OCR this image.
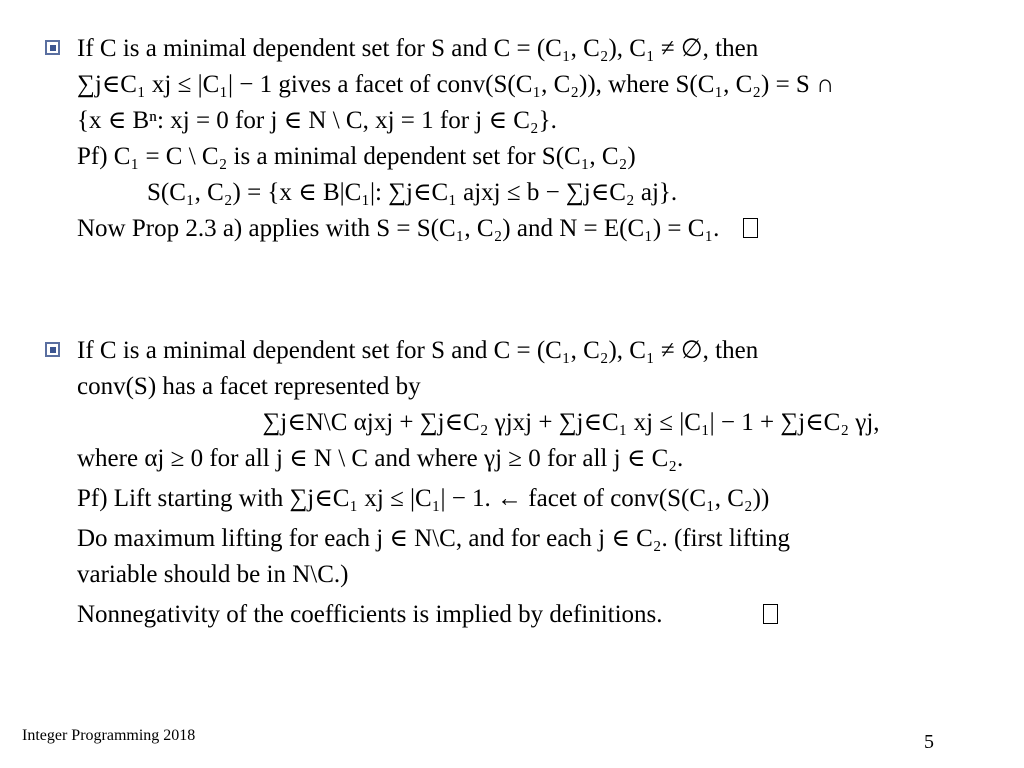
If C is a minimal dependent set for S and C = (C₁, C₂), C₁ ≠ ∅, then
∑j∈C₁ xj ≤ |C₁| − 1 gives a facet of conv(S(C₁, C₂)), where S(C₁, C₂) = S ∩
{x ∈ Bⁿ: xj = 0 for j ∈ N \ C, xj = 1 for j ∈ C₂}.
Pf) C₁ = C \ C₂ is a minimal dependent set for S(C₁, C₂)
S(C₁, C₂) = {x ∈ B|C₁|: ∑j∈C₁ ajxj ≤ b − ∑j∈C₂ aj}.
Now Prop 2.3 a) applies with S = S(C₁, C₂) and N = E(C₁) = C₁.
If C is a minimal dependent set for S and C = (C₁, C₂), C₁ ≠ ∅, then
conv(S) has a facet represented by
∑j∈N\C αjxj + ∑j∈C₂ γjxj + ∑j∈C₁ xj ≤ |C₁| − 1 + ∑j∈C₂ γj,
where αj ≥ 0 for all j ∈ N \ C and where γj ≥ 0 for all j ∈ C₂.
Pf) Lift starting with ∑j∈C₁ xj ≤ |C₁| − 1. ← facet of conv(S(C₁, C₂))
Do maximum lifting for each j ∈ N\C, and for each j ∈ C₂. (first lifting
variable should be in N\C.)
Nonnegativity of the coefficients is implied by definitions.
Integer Programming 2018	5
